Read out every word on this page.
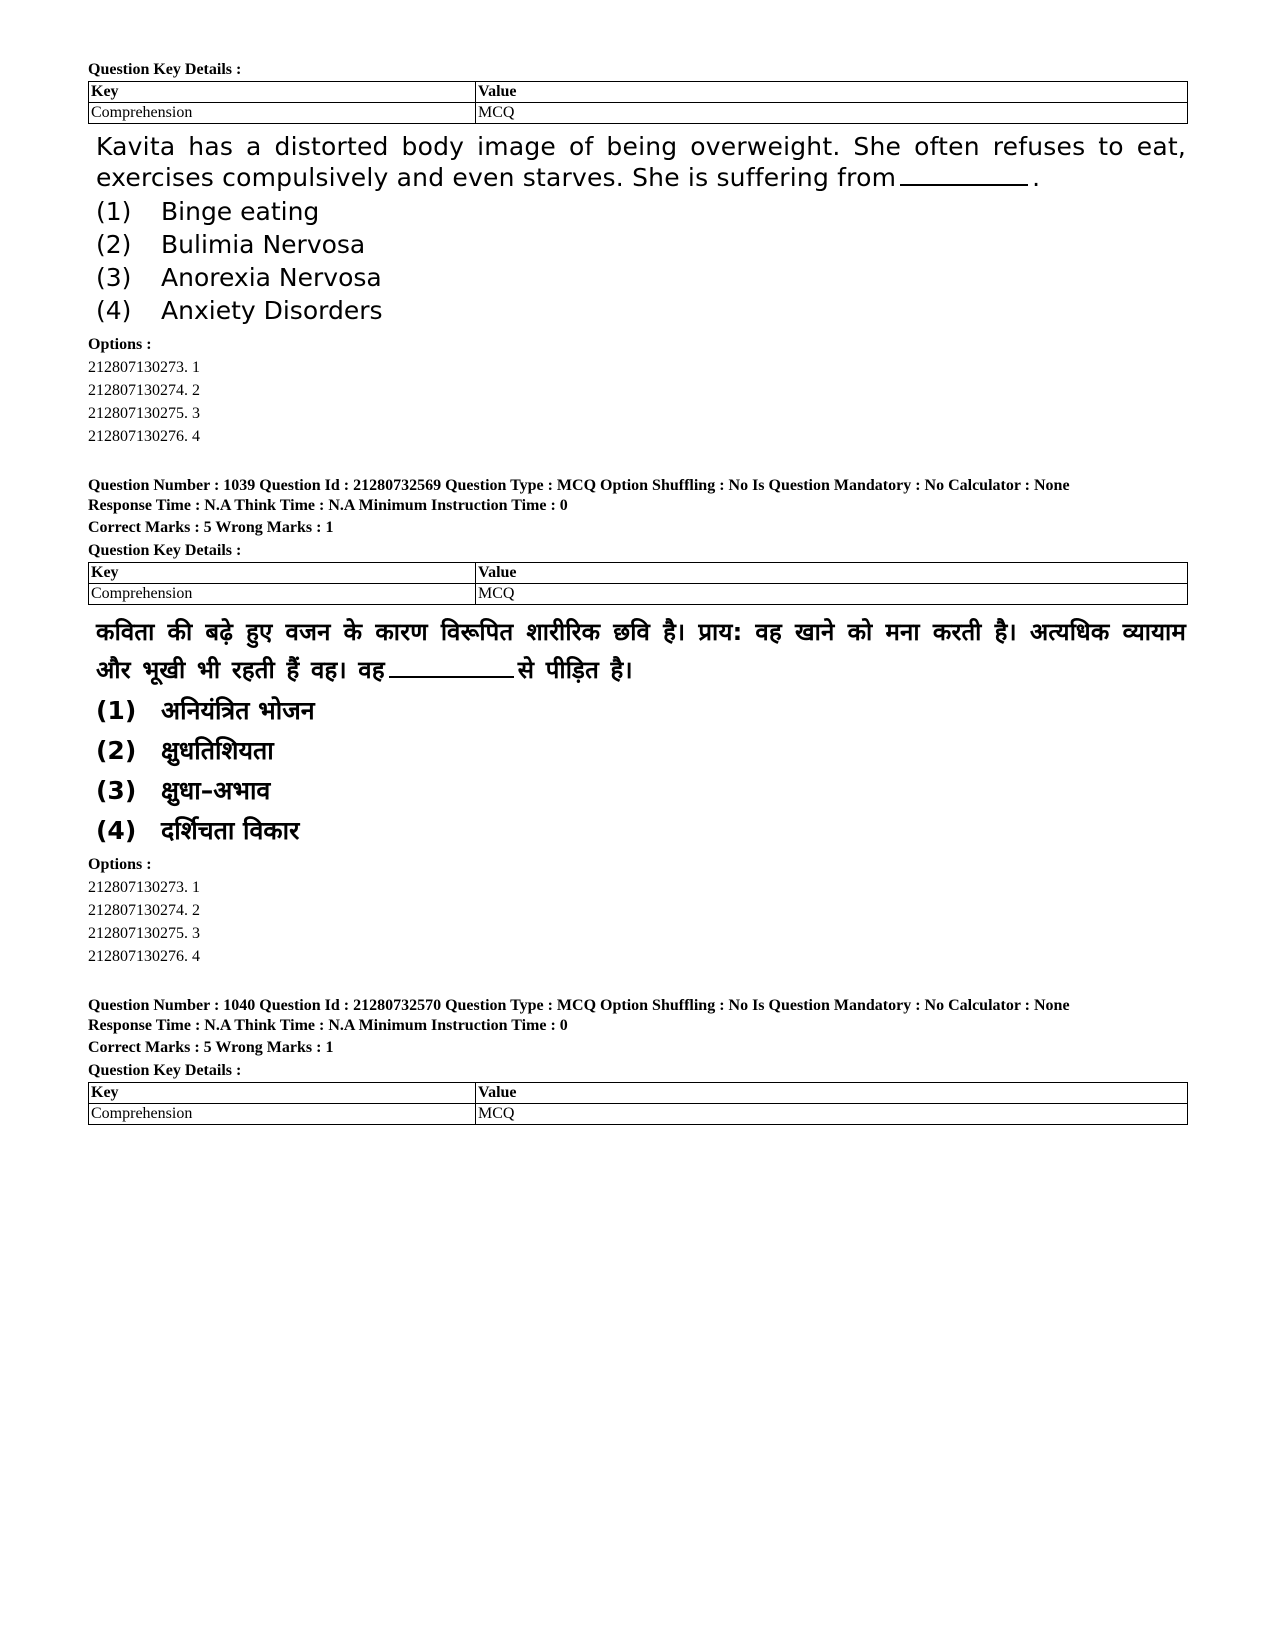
Question Key Details :
Key	Value
Comprehension	MCQ
Kavita has a distorted body image of being overweight. She often refuses to eat, exercises compulsively and even starves. She is suffering from	.
(1)	Binge eating
(2)	Bulimia Nervosa
(3)	Anorexia Nervosa
(4)	Anxiety Disorders
Options :
212807130273. 1
212807130274. 2
212807130275. 3
212807130276. 4
Question Number : 1039 Question Id : 21280732569 Question Type : MCQ Option Shuffling : No Is Question Mandatory : No Calculator : None
Response Time : N.A Think Time : N.A Minimum Instruction Time : 0
Correct Marks : 5 Wrong Marks : 1
Question Key Details :
Key	Value
Comprehension	MCQ
कविता की बढ़े हुए वजन के कारण विरूपित शारीरिक छवि है। प्राय: वह खाने को मना करती है। अत्यधिक व्यायाम और भूखी भी रहती हैं वह। वह	से पीड़ित है।
(1) अनियंत्रित भोजन
(2) क्षुधतिशियता
(3) क्षुधा–अभाव
(4) दर्शिचता विकार
Options :
212807130273. 1
212807130274. 2
212807130275. 3
212807130276. 4
Question Number : 1040 Question Id : 21280732570 Question Type : MCQ Option Shuffling : No Is Question Mandatory : No Calculator : None
Response Time : N.A Think Time : N.A Minimum Instruction Time : 0
Correct Marks : 5 Wrong Marks : 1
Question Key Details :
Key	Value
Comprehension	MCQ
